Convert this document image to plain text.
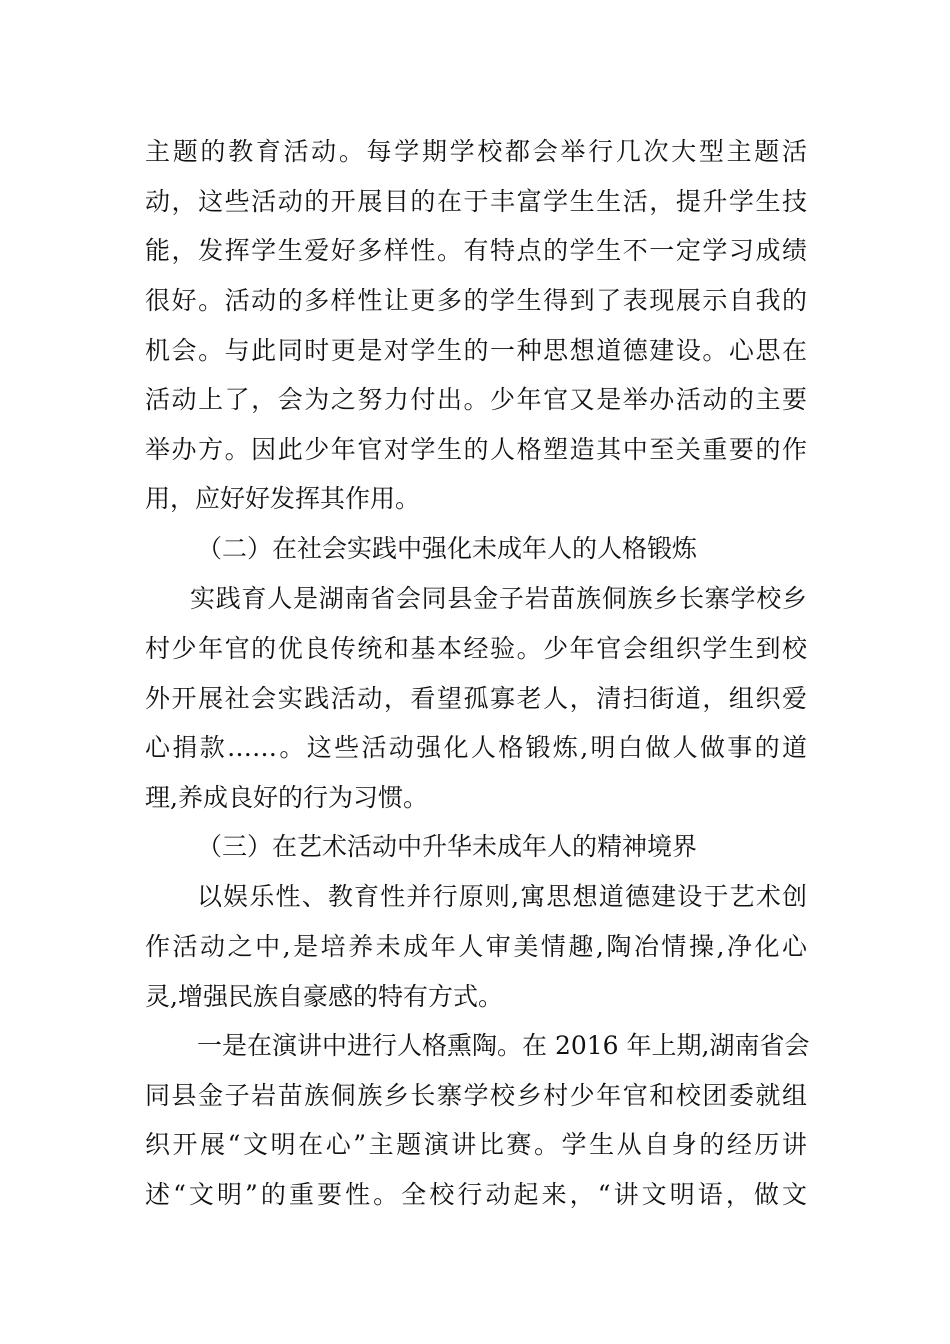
主题的教育活动。每学期学校都会举行几次大型主题活
动，这些活动的开展目的在于丰富学生生活，提升学生技
能，发挥学生爱好多样性。有特点的学生不一定学习成绩
很好。活动的多样性让更多的学生得到了表现展示自我的
机会。与此同时更是对学生的一种思想道德建设。心思在
活动上了，会为之努力付出。少年官又是举办活动的主要
举办方。因此少年官对学生的人格塑造其中至关重要的作
用，应好好发挥其作用。
（二）在社会实践中强化未成年人的人格锻炼
实践育人是湖南省会同县金子岩苗族侗族乡长寨学校乡
村少年官的优良传统和基本经验。少年官会组织学生到校
外开展社会实践活动，看望孤寡老人，清扫街道，组织爱
心捐款……。这些活动强化人格锻炼,明白做人做事的道
理,养成良好的行为习惯。
（三）在艺术活动中升华未成年人的精神境界
以娱乐性、教育性并行原则,寓思想道德建设于艺术创
作活动之中,是培养未成年人审美情趣,陶冶情操,净化心
灵,增强民族自豪感的特有方式。
一是在演讲中进行人格熏陶。在 2016 年上期,湖南省会
同县金子岩苗族侗族乡长寨学校乡村少年官和校团委就组
织开展“文明在心”主题演讲比赛。学生从自身的经历讲
述“文明”的重要性。全校行动起来，“讲文明语，做文
